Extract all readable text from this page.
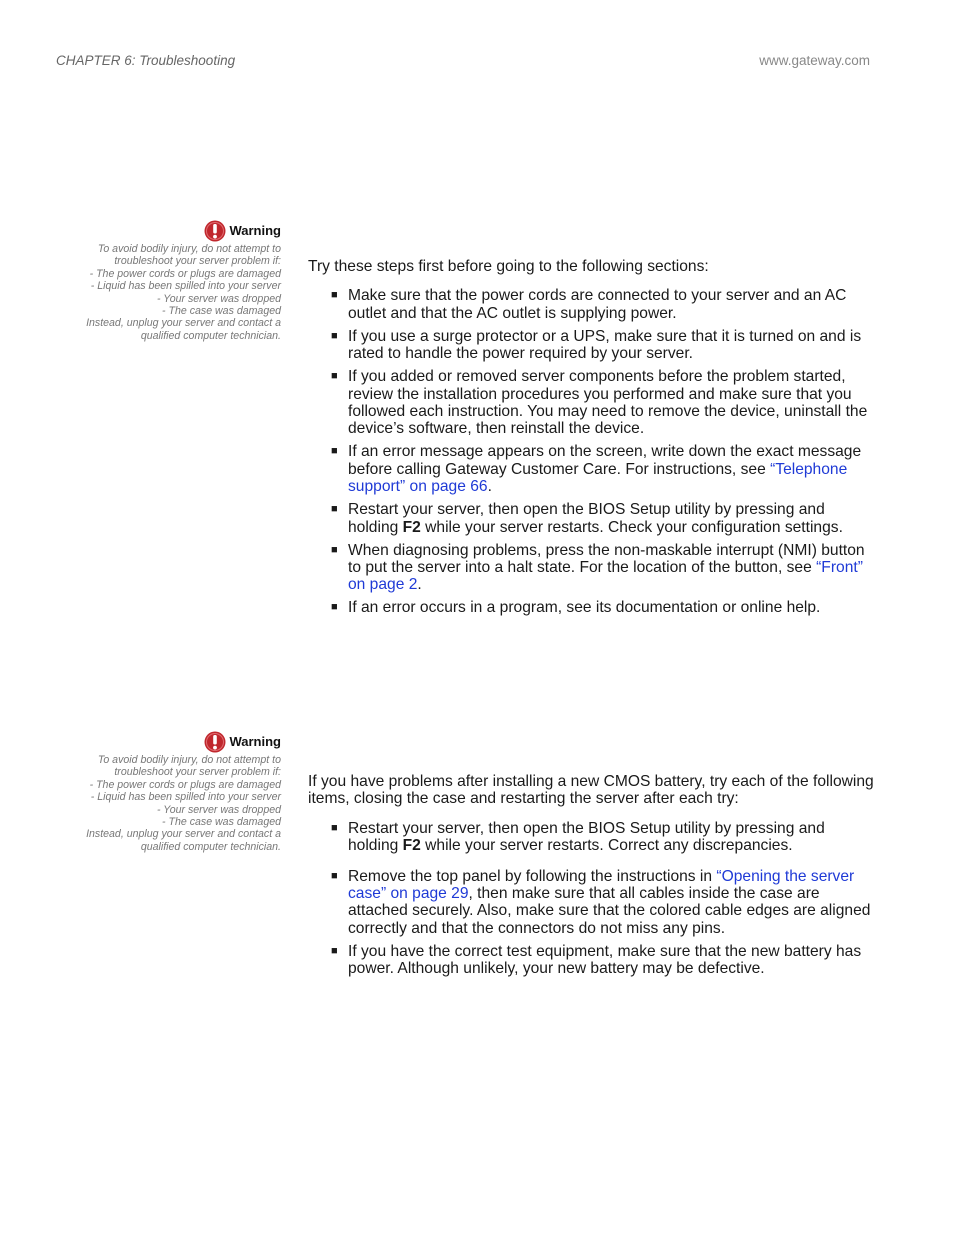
CHAPTER 6: Troubleshooting	www.gateway.com
Warning
To avoid bodily injury, do not attempt to
troubleshoot your server problem if:
- The power cords or plugs are damaged
- Liquid has been spilled into your server
- Your server was dropped
- The case was damaged
Instead, unplug your server and contact a
qualified computer technician.

Try these steps first before going to the following sections:

■ Make sure that the power cords are connected to your server and an AC outlet and that the AC outlet is supplying power.
■ If you use a surge protector or a UPS, make sure that it is turned on and is rated to handle the power required by your server.
■ If you added or removed server components before the problem started, review the installation procedures you performed and make sure that you followed each instruction. You may need to remove the device, uninstall the device’s software, then reinstall the device.
■ If an error message appears on the screen, write down the exact message before calling Gateway Customer Care. For instructions, see “Telephone support” on page 66.
■ Restart your server, then open the BIOS Setup utility by pressing and holding F2 while your server restarts. Check your configuration settings.
■ When diagnosing problems, press the non-maskable interrupt (NMI) button to put the server into a halt state. For the location of the button, see “Front” on page 2.
■ If an error occurs in a program, see its documentation or online help.
Warning
To avoid bodily injury, do not attempt to
troubleshoot your server problem if:
- The power cords or plugs are damaged
- Liquid has been spilled into your server
- Your server was dropped
- The case was damaged
Instead, unplug your server and contact a
qualified computer technician.

If you have problems after installing a new CMOS battery, try each of the following items, closing the case and restarting the server after each try:

■ Restart your server, then open the BIOS Setup utility by pressing and holding F2 while your server restarts. Correct any discrepancies.
■ Remove the top panel by following the instructions in “Opening the server case” on page 29, then make sure that all cables inside the case are attached securely. Also, make sure that the colored cable edges are aligned correctly and that the connectors do not miss any pins.
■ If you have the correct test equipment, make sure that the new battery has power. Although unlikely, your new battery may be defective.
